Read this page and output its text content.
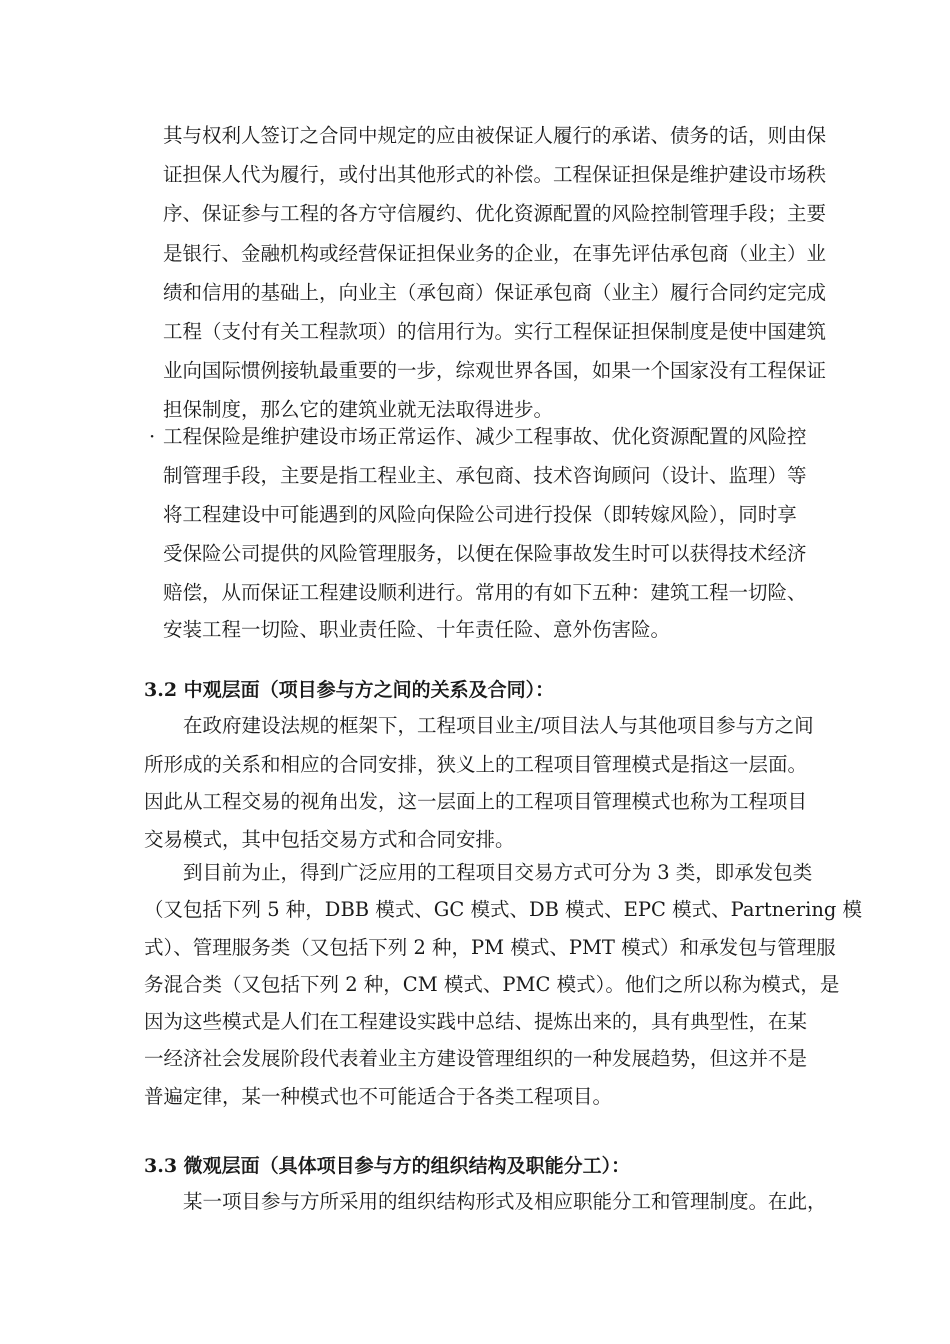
其与权利人签订之合同中规定的应由被保证人履行的承诺、债务的话，则由保
证担保人代为履行，或付出其他形式的补偿。工程保证担保是维护建设市场秩
序、保证参与工程的各方守信履约、优化资源配置的风险控制管理手段；主要
是银行、金融机构或经营保证担保业务的企业，在事先评估承包商（业主）业
绩和信用的基础上，向业主（承包商）保证承包商（业主）履行合同约定完成
工程（支付有关工程款项）的信用行为。实行工程保证担保制度是使中国建筑
业向国际惯例接轨最重要的一步，综观世界各国，如果一个国家没有工程保证
担保制度，那么它的建筑业就无法取得进步。
· 工程保险是维护建设市场正常运作、减少工程事故、优化资源配置的风险控
制管理手段，主要是指工程业主、承包商、技术咨询顾问（设计、监理）等
将工程建设中可能遇到的风险向保险公司进行投保（即转嫁风险），同时享
受保险公司提供的风险管理服务，以便在保险事故发生时可以获得技术经济
赔偿，从而保证工程建设顺利进行。常用的有如下五种：建筑工程一切险、
安装工程一切险、职业责任险、十年责任险、意外伤害险。
3.2 中观层面（项目参与方之间的关系及合同）：
在政府建设法规的框架下，工程项目业主/项目法人与其他项目参与方之间
所形成的关系和相应的合同安排，狭义上的工程项目管理模式是指这一层面。
因此从工程交易的视角出发，这一层面上的工程项目管理模式也称为工程项目
交易模式，其中包括交易方式和合同安排。
到目前为止，得到广泛应用的工程项目交易方式可分为 3 类，即承发包类
（又包括下列 5 种，DBB 模式、GC 模式、DB 模式、EPC 模式、Partnering 模
式）、管理服务类（又包括下列 2 种，PM 模式、PMT 模式）和承发包与管理服
务混合类（又包括下列 2 种，CM 模式、PMC 模式）。他们之所以称为模式，是
因为这些模式是人们在工程建设实践中总结、提炼出来的，具有典型性，在某
一经济社会发展阶段代表着业主方建设管理组织的一种发展趋势，但这并不是
普遍定律，某一种模式也不可能适合于各类工程项目。
3.3 微观层面（具体项目参与方的组织结构及职能分工）：
某一项目参与方所采用的组织结构形式及相应职能分工和管理制度。在此，
